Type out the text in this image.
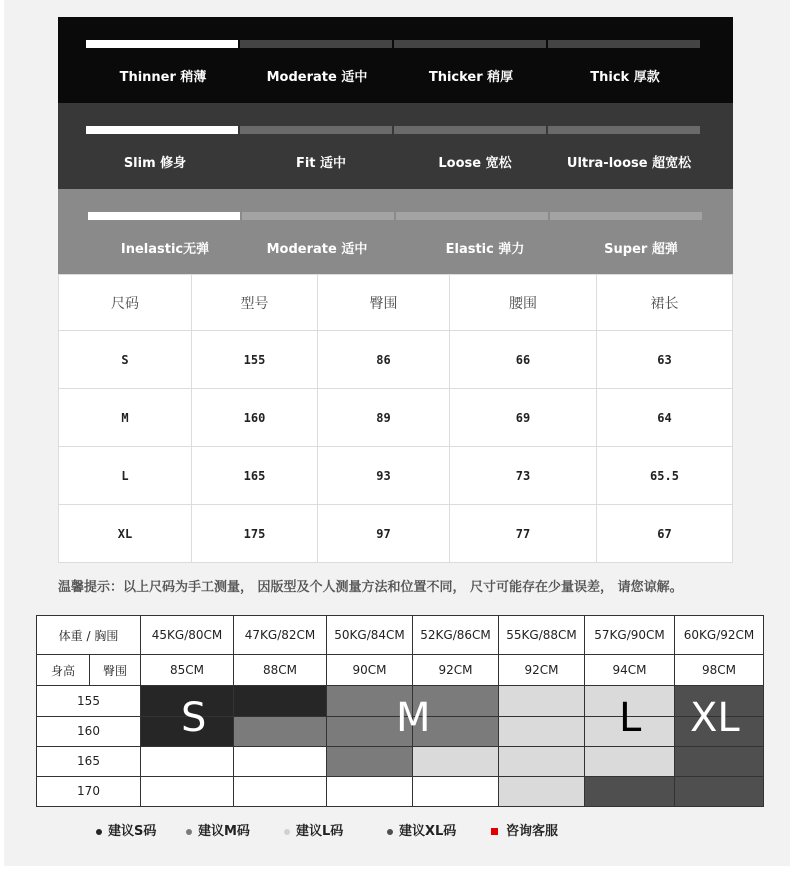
Thinner 稍薄	Moderate 适中	Thicker 稍厚	Thick 厚款
Slim 修身	Fit 适中	Loose 宽松	Ultra-loose 超宽松
Inelastic无弹	Moderate 适中	Elastic 弹力	Super 超弹
尺码	型号	臀围	腰围	裙长
S	155	86	66	63
M	160	89	69	64
L	165	93	73	65.5
XL	175	97	77	67
温馨提示：以上尺码为手工测量， 因版型及个人测量方法和位置不同， 尺寸可能存在少量误差， 请您谅解。
体重 / 胸围		45KG/80CM	47KG/82CM	50KG/84CM	52KG/86CM	55KG/88CM	57KG/90CM	60KG/92CM
身高	臀围	85CM	88CM	90CM	92CM	92CM	94CM	98CM
155								
160								
165								
170								
S	M	L XL
建议S码	建议M码	建议L码	建议XL码	咨询客服
